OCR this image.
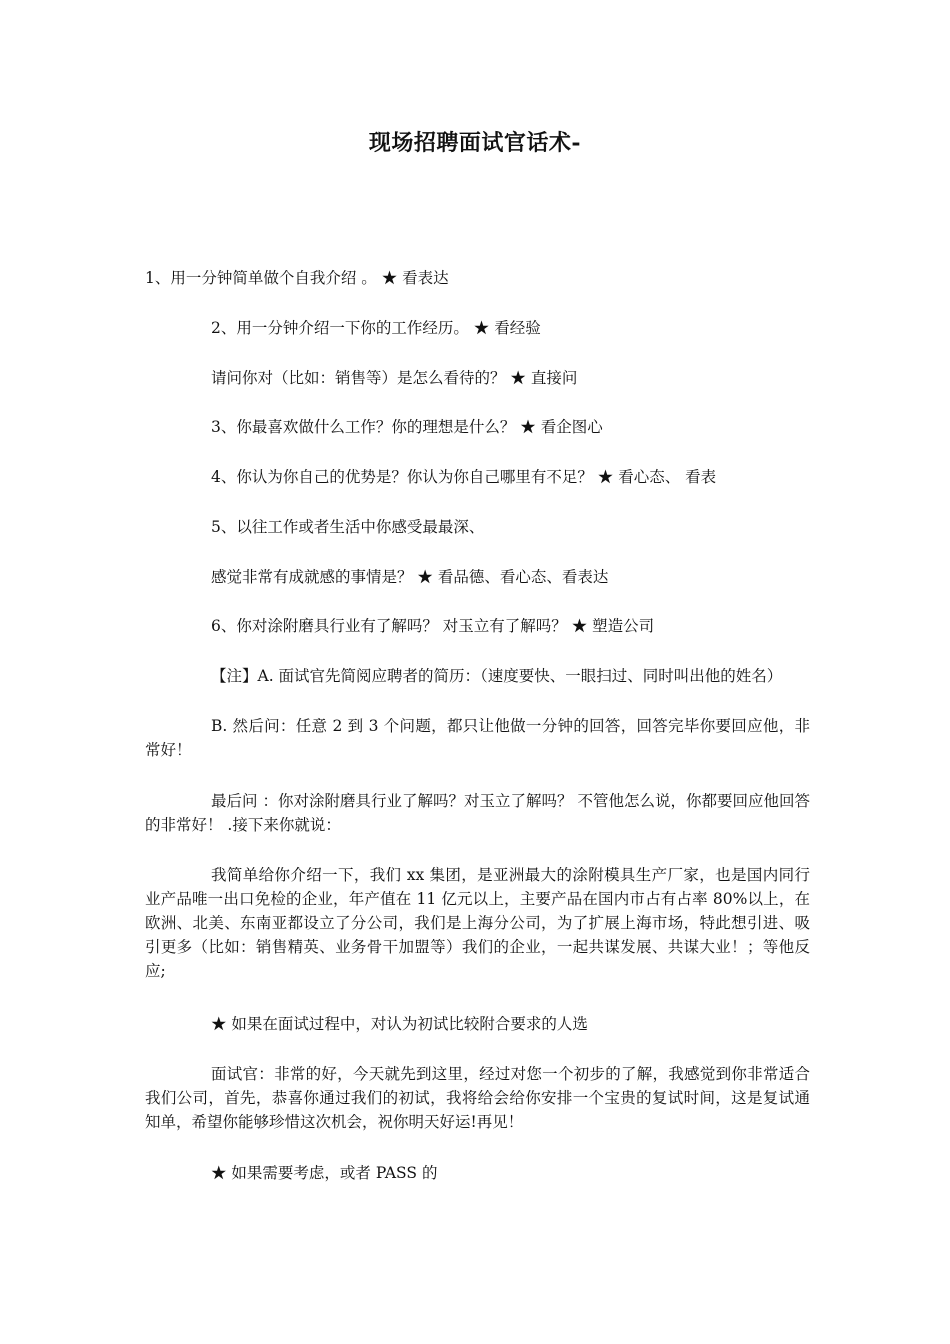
现场招聘面试官话术-

1、用一分钟简单做个自我介绍 。 ★ 看表达

2、用一分钟介绍一下你的工作经历。 ★ 看经验

请问你对（比如：销售等）是怎么看待的？ ★ 直接问

3、你最喜欢做什么工作？你的理想是什么？ ★ 看企图心

4、你认为你自己的优势是？你认为你自己哪里有不足？ ★ 看心态、 看表

5、以往工作或者生活中你感受最最深、

感觉非常有成就感的事情是？ ★ 看品德、看心态、看表达

6、你对涂附磨具行业有了解吗？ 对玉立有了解吗？ ★ 塑造公司

【注】A. 面试官先简阅应聘者的简历：（速度要快、一眼扫过、同时叫出他的姓名）

B. 然后问：任意 2 到 3 个问题，都只让他做一分钟的回答，回答完毕你要回应他，非常好！

最后问 ：你对涂附磨具行业了解吗？对玉立了解吗？ 不管他怎么说，你都要回应他回答的非常好！ .接下来你就说：

我简单给你介绍一下，我们 xx 集团，是亚洲最大的涂附模具生产厂家，也是国内同行业产品唯一出口免检的企业，年产值在 11 亿元以上，主要产品在国内市占有占率 80%以上，在欧洲、北美、东南亚都设立了分公司，我们是上海分公司，为了扩展上海市场，特此想引进、吸引更多（比如：销售精英、业务骨干加盟等）我们的企业，一起共谋发展、共谋大业！；等他反应;

★ 如果在面试过程中，对认为初试比较附合要求的人选

面试官：非常的好，今天就先到这里，经过对您一个初步的了解，我感觉到你非常适合我们公司，首先，恭喜你通过我们的初试，我将给会给你安排一个宝贵的复试时间，这是复试通知单，希望你能够珍惜这次机会，祝你明天好运!再见！

★ 如果需要考虑，或者 PASS 的
